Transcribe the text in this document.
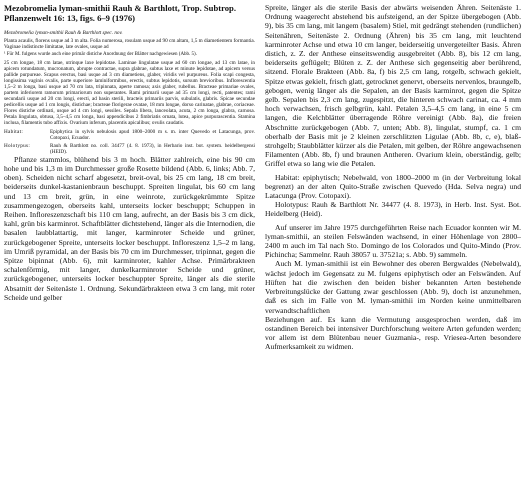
Mezobromelia lyman-smithii Rauh & Barthlott, Trop. Subtrop. Pflanzenwelt 16: 13, figs. 6–9 (1976)

Mezobromelia lyman-smithii Rauh & Barthlott spec. nov.

Planta acaulis, florens usque ad 3 m alta. Folia numerosa, rosulam usque ad 90 cm altam, 1,5 m diametientem formantia. Vaginae indistincte limitatae, late ovales, usque ad

¹ Für M. fulgens wurde auch eine primär distiche Anordnung der Blätter nachgewiesen (Abb. 5).

25 cm longae, 18 cm latae, utrinque laxe lepidotae. Laminae lingulatae usque ad 60 cm longae, ad 13 cm latae, in apicem rotundatum, mucronatum, abrupte contractae, supra glabrae, subtus laxe et minute lepidotae, ad apicem versus pallide purpureae. Scapus erectus, basi usque ad 3 cm diametiens, glaber, viridis vel purpureus. Folia scapi congesta, longissima vaginis ovalis, parte superiore laminiformibus, erectis, subtus lepidotis, sursum brevioribus. Inflorescentia 1,5–2 m longa, basi usque ad 70 cm lata, tripinnata, aperte ramosa; axis glaber, rubellus. Bracteae primariae ovales, partem inferiorem ramorum primariorum non superantes. Rami primarii usque ad 35 cm longi, recti, patentes; rami secundarii usque ad 20 cm longi, erecti, ad basin sterili, bracteis primariis parvis, subulatis, glabris. Spicae secundae pedicellis usque ad 1 cm longis, distichae; bracteae florigerae ovatae, 18 mm longae, dorso carinatae, glabrae, coriaceae. Flores distiche ordinati, usque ad 4 cm longi, sessiles. Sepala libera, lanceolata, acuta, 2 cm longa, glabra, carnosa. Petala lingulata, obtusa, 3,5–4,5 cm longa, basi appendicibus 2 fimbriatis ornata, lutea, apice purpurascentia. Stamina inclusa, filamentis tubo affixis. Ovarium inferum, placentis apicalibus; ovulis caudatis.

Habitat:	Epiphytica in sylvis nebulosis apud 1800–2000 m s. m. inter Quevedo et Latacunga, prov. Cotopaxi, Ecuador.
Holotypus:	Rauh & Barthlott no. coll. 34477 (4. 8. 1973), in Herbario inst. bot. system. heidelbergensi (HEID).

Pflanze stammlos, blühend bis 3 m hoch. Blätter zahlreich, eine bis 90 cm hohe und bis 1,3 m im Durchmesser große Rosette bildend (Abb. 6, links; Abb. 7, oben). Scheiden nicht scharf abgesetzt, breit-oval, bis 25 cm lang, 18 cm breit, beiderseits dunkel-kastanienbraun beschuppt. Spreiten lingulat, bis 60 cm lang und 13 cm breit, grün, in eine weinrote, zurückgekrümmte Spitze zusammengezogen, oberseits kahl, unterseits locker beschuppt; Schuppen in Reihen. Infloreszenzschaft bis 110 cm lang, aufrecht, an der Basis bis 3 cm dick, kahl, grün bis karminrot. Schaftblätter dichtstehend, länger als die Internodien, die basalen laubblattartig, mit langer, karminroter Scheide und grüner, zurückgebogener Spreite, unterseits locker beschuppt. Infloreszenz 1,5–2 m lang, im Umriß pyramidal, an der Basis bis 70 cm im Durchmesser, tripinnat, gegen die Spitze bipinnat (Abb. 6), mit karminroter, kahler Achse. Primärbrakteen schalenförmig, mit langer, dunkelkarminroter Scheide und grüner, zurückgebogener, unterseits locker beschuppter Spreite, länger als die sterile Absatnitt der Seitenäste 1. Ordnung. Sekundärbrakteen etwa 3 cm lang, mit roter Scheide und gelber

Spreite, länger als die sterile Basis der abwärts weisenden Ähren. Seitenäste 1. Ordnung waagerecht abstehend bis aufsteigend, an der Spitze übergebogen (Abb. 9), bis 35 cm lang, mit langem (basalem) Stiel, mit gedrängt stehenden (rundlichen) Seitenähren, Seitenäste 2. Ordnung (Ähren) bis 35 cm lang, mit leuchtend karminroter Achse und etwa 10 cm langer, beiderseitig unvergeteilter Basis. Ähren distich, z. Z. der Anthese einseitswendig ausgebreitet (Abb. 8), bis 12 cm lang, beiderseits geflügelt; Blüten z. Z. der Anthese sich gegenseitig aber berührend, sitzend. Florale Brakteen (Abb. 8a, f) bis 2,5 cm lang, rotgelb, schwach gekielt, Spitze etwas gekielt, frisch glatt, getrocknet genervt, oberseits nervenlos, braungelb, gebogen, wenig länger als die Sepalen, an der Basis karminrot, gegen die Spitze gelb. Sepalen bis 2,3 cm lang, zugespitzt, die hinteren schwach carinat, ca. 4 mm hoch verwachsen, frisch gelbgrün, kahl. Petalen 3,5–4,5 cm lang, in eine 5 cm langen, die Kelchblätter überragende Röhre vereinigt (Abb. 8a), die freien Abschnitte zurückgebogen (Abb. 7, unten; Abb. 8), lingulat, stumpf, ca. 1 cm oberhalb der Basis mit je 2 kleinen zerschlitzten Ligulae (Abb. 8b, c, e), blaß-strohgelb; Staubblätter kürzer als die Petalen, mit gelben, der Röhre angewachsenen Filamenten (Abb. 8b, f) und braunen Antheren. Ovarium klein, oberständig, gelb; Griffel etwa so lang wie die Petalen.

Habitat: epiphytisch; Nebelwald, von 1800–2000 m (in der Verbreitung lokal begrenzt) an der alten Quito-Straße zwischen Quevedo (Hda. Selva negra) und Latacunga (Prov. Cotopaxi).

Holotypus: Rauh & Barthlott Nr. 34477 (4. 8. 1973), in Herb. Inst. Syst. Bot. Heidelberg (Heid).

Auf unserer im Jahre 1975 durchgeführten Reise nach Ecuador konnten wir M. lyman-smithii, an steilen Felswänden wachsend, in einer Höhenlage von 2800–2400 m auch im Tal nach Sto. Domingo de los Colorados und Quito-Mindo (Prov. Pichincha; Sammelnr. Rauh 38057 u. 37521a; s. Abb. 9) sammeln.

Auch M. lyman-smithii ist ein Bewohner des oberen Bergwaldes (Nebelwald), wächst jedoch im Gegensatz zu M. fulgens epiphytisch oder an Felswänden. Auf Hüften hat die zwischen den beiden bisher bekannten Arten bestehende Verbreitungslücke der Gattung zwar geschlossen (Abb. 9), doch ist anzunehmen, daß es sich im Falle von M. lyman-smithii im Norden keine unmittelbaren verwandtschaftlichen

Beziehungen auf. Es kann die Vermutung ausgesprochen werden, daß im ostandinen Bereich bei intensiver Durchforschung weitere Arten gefunden werden; vor allem ist dem Blütenbau neuer Guzmania-, resp. Vriesea-Arten besondere Aufmerksamkeit zu widmen.
